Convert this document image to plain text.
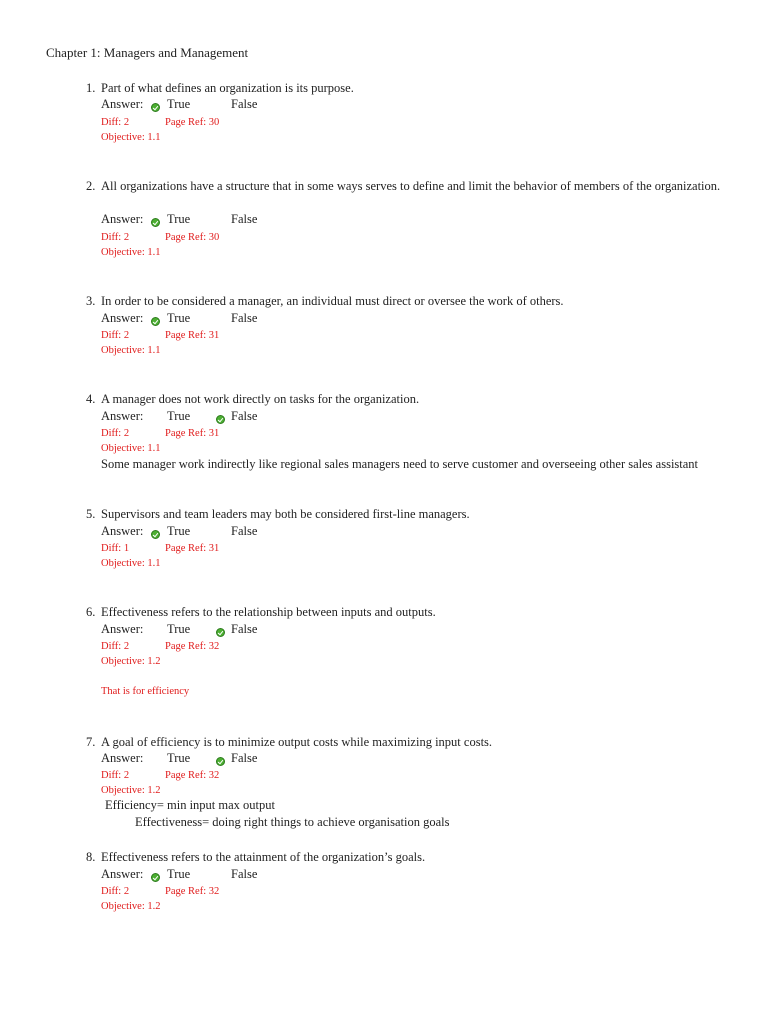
Chapter 1: Managers and Management
1. Part of what defines an organization is its purpose.
Answer: True	False
Diff: 2	Page Ref: 30
Objective: 1.1
2. All organizations have a structure that in some ways serves to define and limit the behavior of members of the organization.
Answer: True	False
Diff: 2	Page Ref: 30
Objective: 1.1
3. In order to be considered a manager, an individual must direct or oversee the work of others.
Answer: True	False
Diff: 2	Page Ref: 31
Objective: 1.1
4. A manager does not work directly on tasks for the organization.
Answer: True	False
Diff: 2	Page Ref: 31
Objective: 1.1
Some manager work indirectly like regional sales managers need to serve customer and overseeing other sales assistant
5. Supervisors and team leaders may both be considered first-line managers.
Answer: True	False
Diff: 1	Page Ref: 31
Objective: 1.1
6. Effectiveness refers to the relationship between inputs and outputs.
Answer: True	False
Diff: 2	Page Ref: 32
Objective: 1.2
That is for efficiency
7. A goal of efficiency is to minimize output costs while maximizing input costs.
Answer: True	False
Diff: 2	Page Ref: 32
Objective: 1.2
Efficiency= min input max output
Effectiveness= doing right things to achieve organisation goals
8. Effectiveness refers to the attainment of the organization’s goals.
Answer: True	False
Diff: 2	Page Ref: 32
Objective: 1.2
